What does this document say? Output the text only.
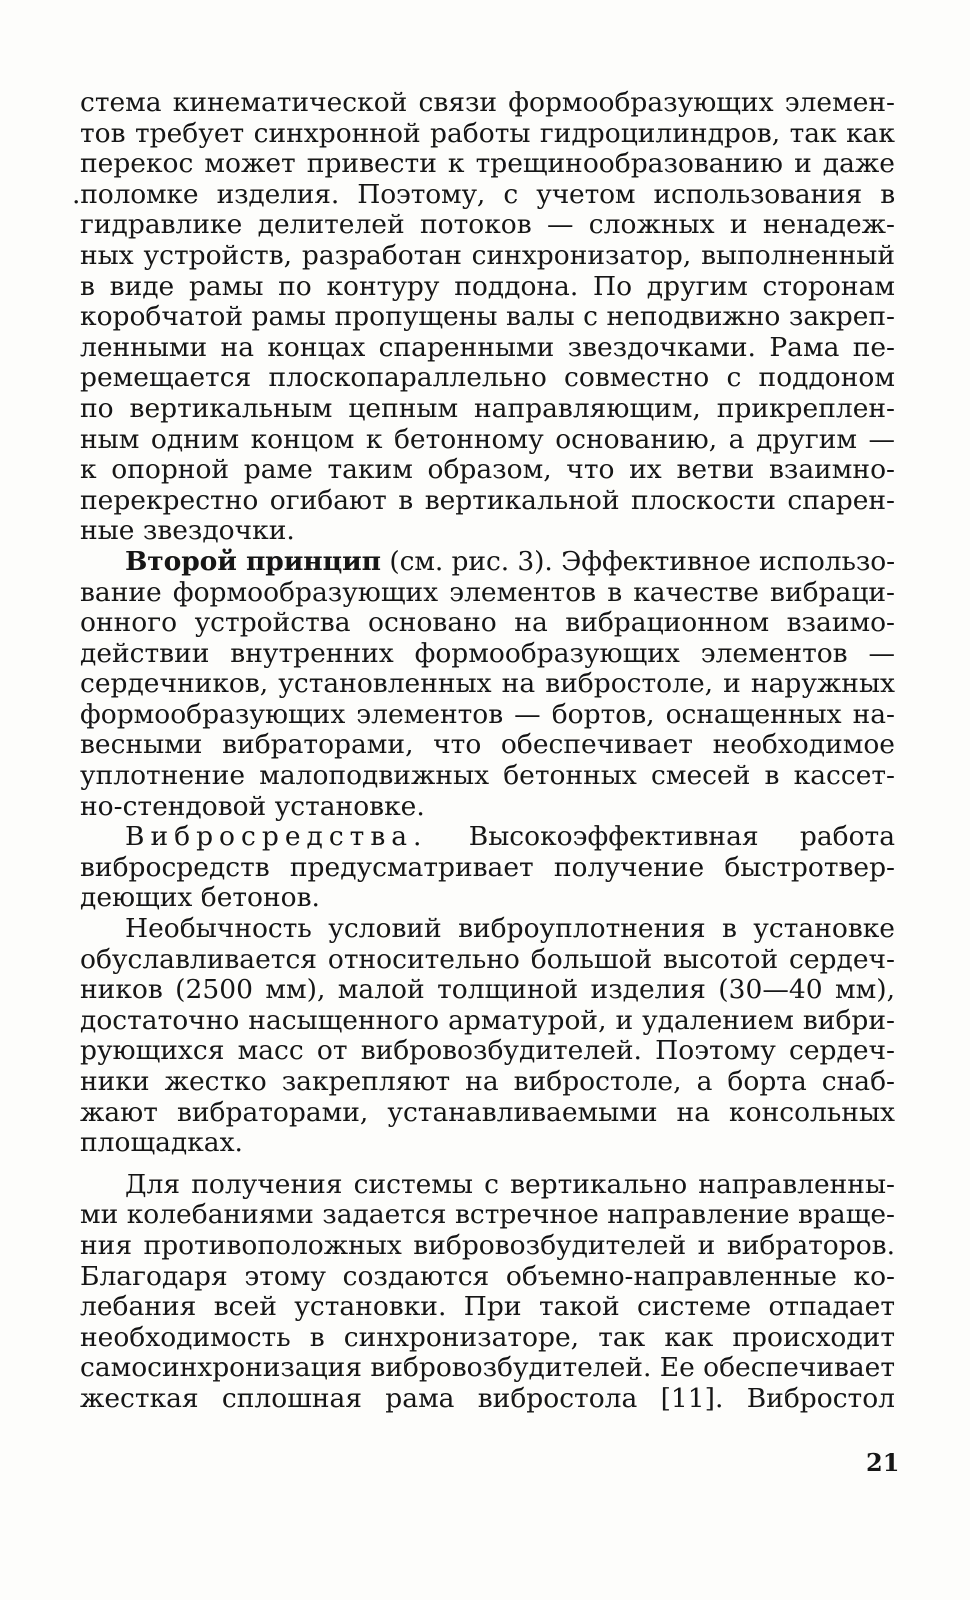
стема кинематической связи формообразующих элемен-
тов требует синхронной работы гидроцилиндров, так как
перекос может привести к трещинообразованию и даже
.поломке изделия. Поэтому, с учетом использования в
гидравлике делителей потоков — сложных и ненадеж-
ных устройств, разработан синхронизатор, выполненный
в виде рамы по контуру поддона. По другим сторонам
коробчатой рамы пропущены валы с неподвижно закреп-
ленными на концах спаренными звездочками. Рама пе-
ремещается плоскопараллельно совместно с поддоном
по вертикальным цепным направляющим, прикреплен-
ным одним концом к бетонному основанию, а другим —
к опорной раме таким образом, что их ветви взаимно-
перекрестно огибают в вертикальной плоскости спарен-
ные звездочки.
Второй принцип (см. рис. 3). Эффективное использо-
вание формообразующих элементов в качестве вибраци-
онного устройства основано на вибрационном взаимо-
действии внутренних формообразующих элементов —
сердечников, установленных на вибростоле, и наружных
формообразующих элементов — бортов, оснащенных на-
весными вибраторами, что обеспечивает необходимое
уплотнение малоподвижных бетонных смесей в кассет-
но-стендовой установке.
Вибросредства. Высокоэффективная работа
вибросредств предусматривает получение быстротвер-
деющих бетонов.
Необычность условий виброуплотнения в установке
обуславливается относительно большой высотой сердеч-
ников (2500 мм), малой толщиной изделия (30—40 мм),
достаточно насыщенного арматурой, и удалением вибри-
рующихся масс от вибровозбудителей. Поэтому сердеч-
ники жестко закрепляют на вибростоле, а борта снаб-
жают вибраторами, устанавливаемыми на консольных
площадках.
Для получения системы с вертикально направленны-
ми колебаниями задается встречное направление враще-
ния противоположных вибровозбудителей и вибраторов.
Благодаря этому создаются объемно-направленные ко-
лебания всей установки. При такой системе отпадает
необходимость в синхронизаторе, так как происходит
самосинхронизация вибровозбудителей. Ее обеспечивает
жесткая сплошная рама вибростола [11]. Вибростол
21
